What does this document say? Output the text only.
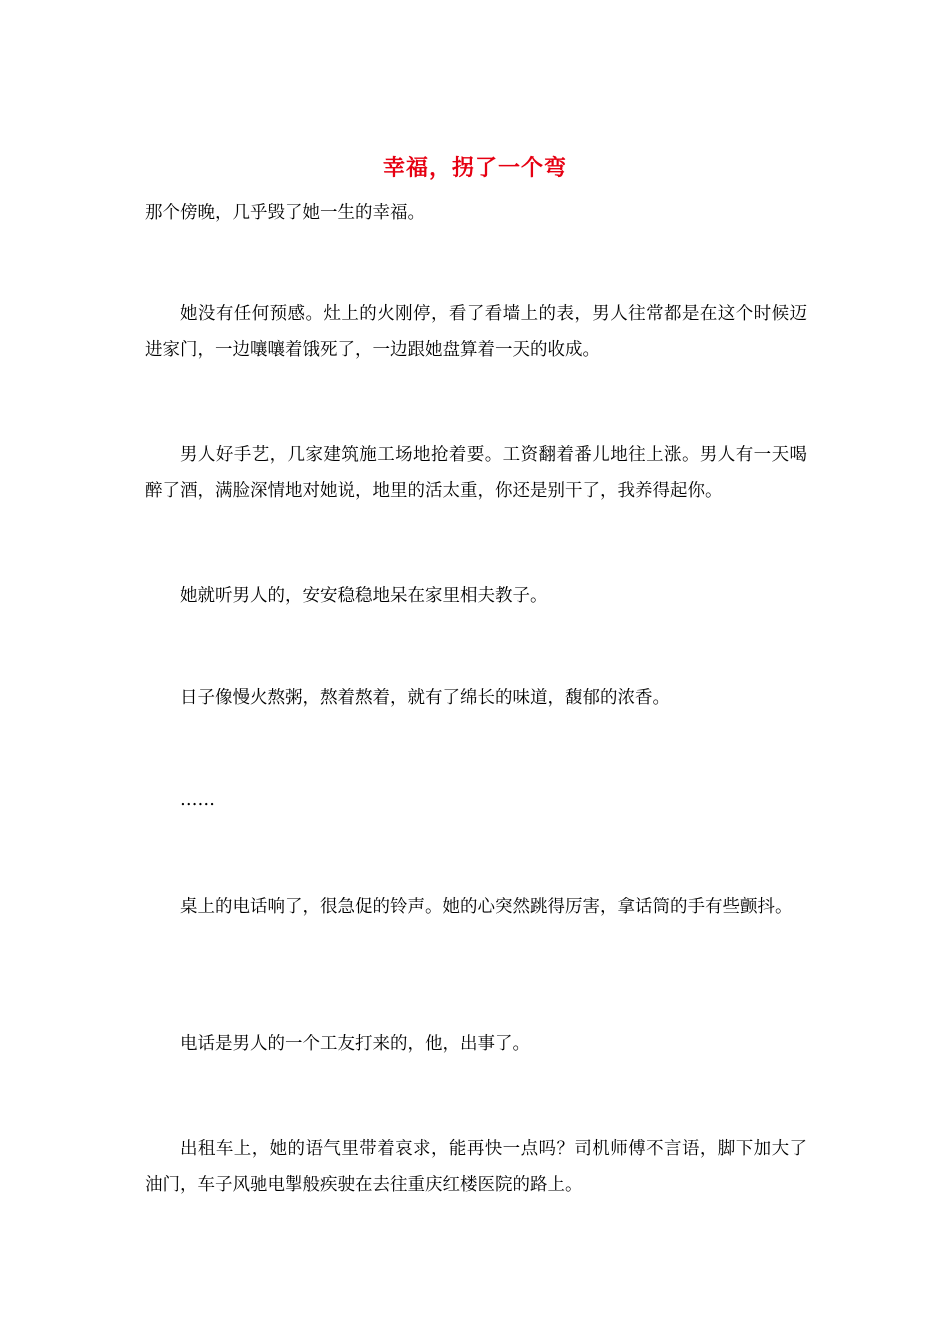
幸福，拐了一个弯

那个傍晚，几乎毁了她一生的幸福。

她没有任何预感。灶上的火刚停，看了看墙上的表，男人往常都是在这个时候迈进家门，一边嚷嚷着饿死了，一边跟她盘算着一天的收成。

男人好手艺，几家建筑施工场地抢着要。工资翻着番儿地往上涨。男人有一天喝醉了酒，满脸深情地对她说，地里的活太重，你还是别干了，我养得起你。

她就听男人的，安安稳稳地呆在家里相夫教子。

日子像慢火熬粥，熬着熬着，就有了绵长的味道，馥郁的浓香。

……

桌上的电话响了，很急促的铃声。她的心突然跳得厉害，拿话筒的手有些颤抖。

电话是男人的一个工友打来的，他，出事了。

出租车上，她的语气里带着哀求，能再快一点吗？司机师傅不言语，脚下加大了油门，车子风驰电掣般疾驶在去往重庆红楼医院的路上。
